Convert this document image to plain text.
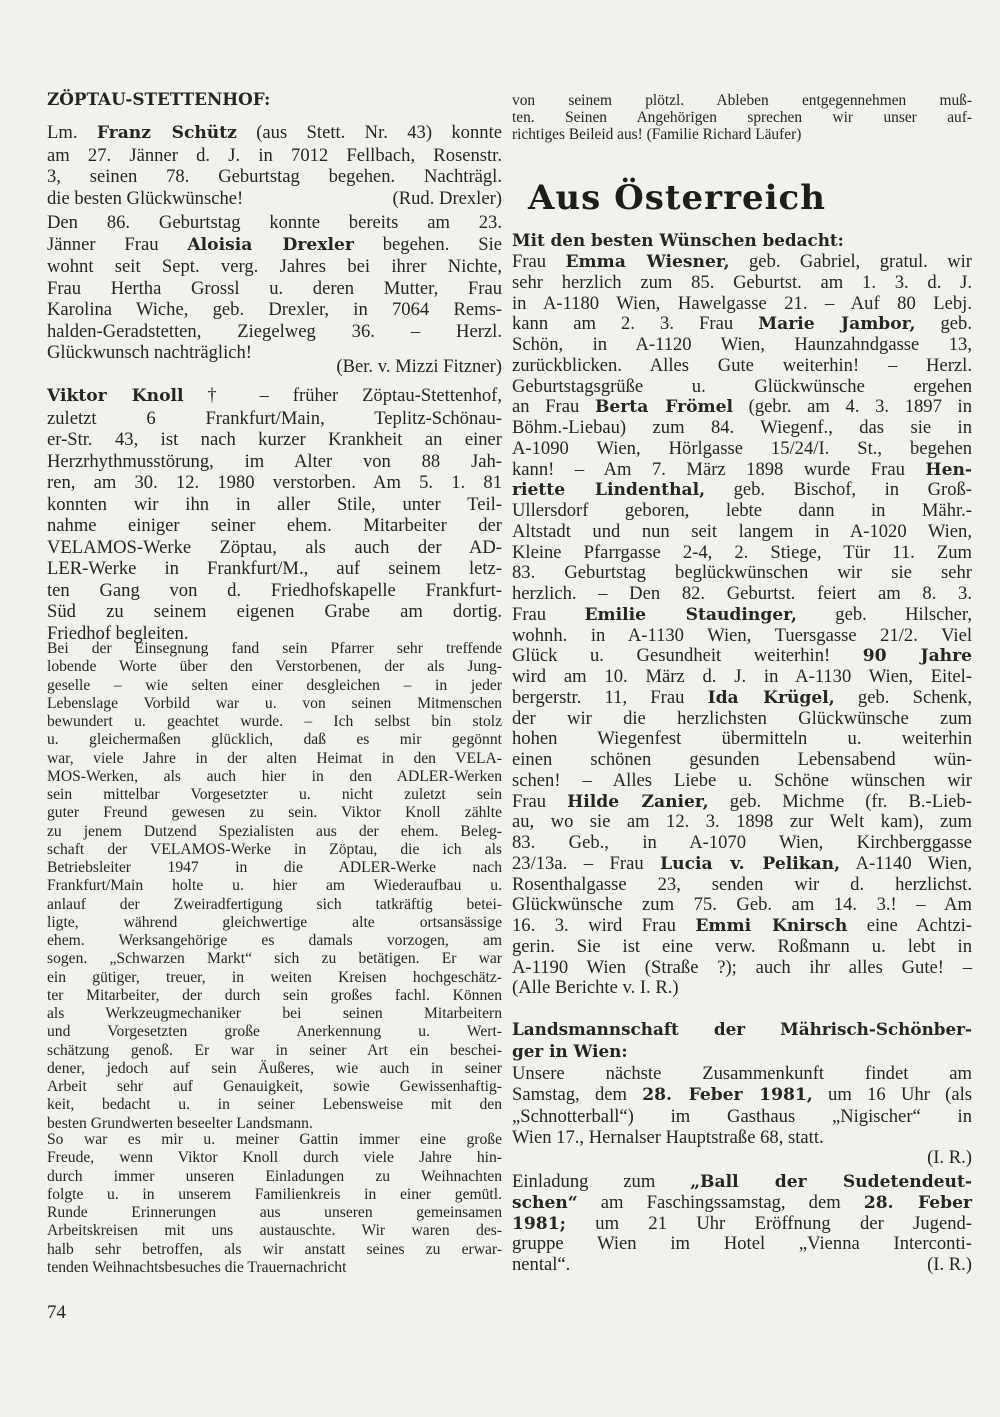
ZÖPTAU-STETTENHOF:
Lm. Franz Schütz (aus Stett. Nr. 43) konnte
am 27. Jänner d. J. in 7012 Fellbach, Rosenstr.
3, seinen 78. Geburtstag begehen. Nachträgl.
(Rud. Drexler)
die besten Glückwünsche!
Den 86. Geburtstag konnte bereits am 23.
Jänner Frau Aloisia Drexler begehen. Sie
wohnt seit Sept. verg. Jahres bei ihrer Nichte,
Frau Hertha Grossl u. deren Mutter, Frau
Karolina Wiche, geb. Drexler, in 7064 Rems-
halden-Geradstetten, Ziegelweg 36. – Herzl.
Glückwunsch nachträglich!
(Ber. v. Mizzi Fitzner)
Viktor Knoll † – früher Zöptau-Stettenhof,
zuletzt 6 Frankfurt/Main, Teplitz-Schönau-
er-Str. 43, ist nach kurzer Krankheit an einer
Herzrhythmusstörung, im Alter von 88 Jah-
ren, am 30. 12. 1980 verstorben. Am 5. 1. 81
konnten wir ihn in aller Stile, unter Teil-
nahme einiger seiner ehem. Mitarbeiter der
VELAMOS-Werke Zöptau, als auch der AD-
LER-Werke in Frankfurt/M., auf seinem letz-
ten Gang von d. Friedhofskapelle Frankfurt-
Süd zu seinem eigenen Grabe am dortig.
Friedhof begleiten.
Bei der Einsegnung fand sein Pfarrer sehr treffende
lobende Worte über den Verstorbenen, der als Jung-
geselle – wie selten einer desgleichen – in jeder
Lebenslage Vorbild war u. von seinen Mitmenschen
bewundert u. geachtet wurde. – Ich selbst bin stolz
u. gleichermaßen glücklich, daß es mir gegönnt
war, viele Jahre in der alten Heimat in den VELA-
MOS-Werken, als auch hier in den ADLER-Werken
sein mittelbar Vorgesetzter u. nicht zuletzt sein
guter Freund gewesen zu sein. Viktor Knoll zählte
zu jenem Dutzend Spezialisten aus der ehem. Beleg-
schaft der VELAMOS-Werke in Zöptau, die ich als
Betriebsleiter 1947 in die ADLER-Werke nach
Frankfurt/Main holte u. hier am Wiederaufbau u.
anlauf der Zweiradfertigung sich tatkräftig betei-
ligte, während gleichwertige alte ortsansässige
ehem. Werksangehörige es damals vorzogen, am
sogen. „Schwarzen Markt“ sich zu betätigen. Er war
ein gütiger, treuer, in weiten Kreisen hochgeschätz-
ter Mitarbeiter, der durch sein großes fachl. Können
als Werkzeugmechaniker bei seinen Mitarbeitern
und Vorgesetzten große Anerkennung u. Wert-
schätzung genoß. Er war in seiner Art ein beschei-
dener, jedoch auf sein Äußeres, wie auch in seiner
Arbeit sehr auf Genauigkeit, sowie Gewissenhaftig-
keit, bedacht u. in seiner Lebensweise mit den
besten Grundwerten beseelter Landsmann.
So war es mir u. meiner Gattin immer eine große
Freude, wenn Viktor Knoll durch viele Jahre hin-
durch immer unseren Einladungen zu Weihnachten
folgte u. in unserem Familienkreis in einer gemütl.
Runde Erinnerungen aus unseren gemeinsamen
Arbeitskreisen mit uns austauschte. Wir waren des-
halb sehr betroffen, als wir anstatt seines zu erwar-
tenden Weihnachtsbesuches die Trauernachricht
74
von seinem plötzl. Ableben entgegennehmen muß-
ten. Seinen Angehörigen sprechen wir unser auf-
richtiges Beileid aus! (Familie Richard Läufer)
Aus Österreich
Mit den besten Wünschen bedacht:
Frau Emma Wiesner, geb. Gabriel, gratul. wir
sehr herzlich zum 85. Geburtst. am 1. 3. d. J.
in A-1180 Wien, Hawelgasse 21. – Auf 80 Lebj.
kann am 2. 3. Frau Marie Jambor, geb.
Schön, in A-1120 Wien, Haunzahndgasse 13,
zurückblicken. Alles Gute weiterhin! – Herzl.
Geburtstagsgrüße u. Glückwünsche ergehen
an Frau Berta Frömel (gebr. am 4. 3. 1897 in
Böhm.-Liebau) zum 84. Wiegenf., das sie in
A-1090 Wien, Hörlgasse 15/24/I. St., begehen
kann! – Am 7. März 1898 wurde Frau Hen-
riette Lindenthal, geb. Bischof, in Groß-
Ullersdorf geboren, lebte dann in Mähr.-
Altstadt und nun seit langem in A-1020 Wien,
Kleine Pfarrgasse 2-4, 2. Stiege, Tür 11. Zum
83. Geburtstag beglückwünschen wir sie sehr
herzlich. – Den 82. Geburtst. feiert am 8. 3.
Frau Emilie Staudinger, geb. Hilscher,
wohnh. in A-1130 Wien, Tuersgasse 21/2. Viel
Glück u. Gesundheit weiterhin! 90 Jahre
wird am 10. März d. J. in A-1130 Wien, Eitel-
bergerstr. 11, Frau Ida Krügel, geb. Schenk,
der wir die herzlichsten Glückwünsche zum
hohen Wiegenfest übermitteln u. weiterhin
einen schönen gesunden Lebensabend wün-
schen! – Alles Liebe u. Schöne wünschen wir
Frau Hilde Zanier, geb. Michme (fr. B.-Lieb-
au, wo sie am 12. 3. 1898 zur Welt kam), zum
83. Geb., in A-1070 Wien, Kirchberggasse
23/13a. – Frau Lucia v. Pelikan, A-1140 Wien,
Rosenthalgasse 23, senden wir d. herzlichst.
Glückwünsche zum 75. Geb. am 14. 3.! – Am
16. 3. wird Frau Emmi Knirsch eine Achtzi-
gerin. Sie ist eine verw. Roßmann u. lebt in
A-1190 Wien (Straße ?); auch ihr alles Gute! –
(Alle Berichte v. I. R.)
Landsmannschaft der Mährisch-Schönber-
ger in Wien:
Unsere nächste Zusammenkunft findet am
Samstag, dem 28. Feber 1981, um 16 Uhr (als
„Schnotterball“) im Gasthaus „Nigischer“ in
Wien 17., Hernalser Hauptstraße 68, statt.
(I. R.)
Einladung zum „Ball der Sudetendeut-
schen“ am Faschingssamstag, dem 28. Feber
1981; um 21 Uhr Eröffnung der Jugend-
gruppe Wien im Hotel „Vienna Interconti-
(I. R.)
nental“.
